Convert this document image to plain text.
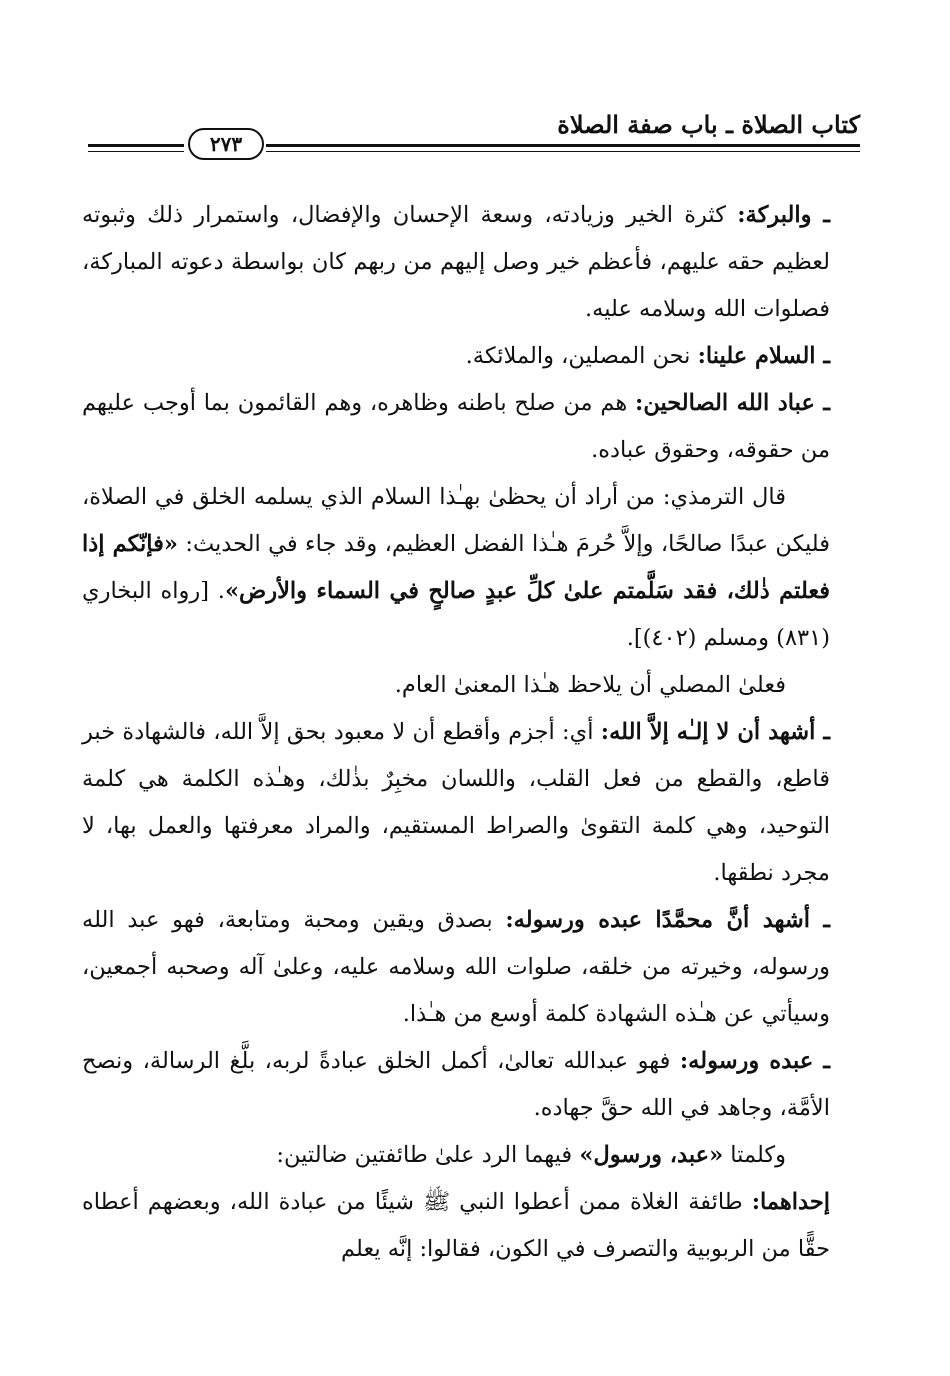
كتاب الصلاة ـ باب صفة الصلاة
٢٧٣

ـ والبركة: كثرة الخير وزيادته، وسعة الإحسان والإفضال، واستمرار ذلك وثبوته لعظيم حقه عليهم، فأعظم خير وصل إليهم من ربهم كان بواسطة دعوته المباركة، فصلوات الله وسلامه عليه.

ـ السلام علينا: نحن المصلين، والملائكة.

ـ عباد الله الصالحين: هم من صلح باطنه وظاهره، وهم القائمون بما أوجب عليهم من حقوقه، وحقوق عباده.

قال الترمذي: من أراد أن يحظىٰ بهـٰذا السلام الذي يسلمه الخلق في الصلاة، فليكن عبدًا صالحًا، وإلاَّ حُرمَ هـٰذا الفضل العظيم، وقد جاء في الحديث: «فإنّكم إذا فعلتم ذٰلك، فقد سَلَّمتم علىٰ كلِّ عبدٍ صالحٍ في السماء والأرض». [رواه البخاري (٨٣١) ومسلم (٤٠٢)].

فعلىٰ المصلي أن يلاحظ هـٰذا المعنىٰ العام.

ـ أشهد أن لا إلـٰه إلاَّ الله: أي: أجزم وأقطع أن لا معبود بحق إلاَّ الله، فالشهادة خبر قاطع، والقطع من فعل القلب، واللسان مخبِرٌ بذٰلك، وهـٰذه الكلمة هي كلمة التوحيد، وهي كلمة التقوىٰ والصراط المستقيم، والمراد معرفتها والعمل بها، لا مجرد نطقها.

ـ أشهد أنَّ محمَّدًا عبده ورسوله: بصدق ويقين ومحبة ومتابعة، فهو عبد الله ورسوله، وخيرته من خلقه، صلوات الله وسلامه عليه، وعلىٰ آله وصحبه أجمعين، وسيأتي عن هـٰذه الشهادة كلمة أوسع من هـٰذا.

ـ عبده ورسوله: فهو عبدالله تعالىٰ، أكمل الخلق عبادةً لربه، بلَّغ الرسالة، ونصح الأمَّة، وجاهد في الله حقَّ جهاده.

وكلمتا «عبد، ورسول» فيهما الرد علىٰ طائفتين ضالتين:

إحداهما: طائفة الغلاة ممن أعطوا النبي ﷺ شيئًا من عبادة الله، وبعضهم أعطاه حقًّا من الربوبية والتصرف في الكون، فقالوا: إنَّه يعلم
